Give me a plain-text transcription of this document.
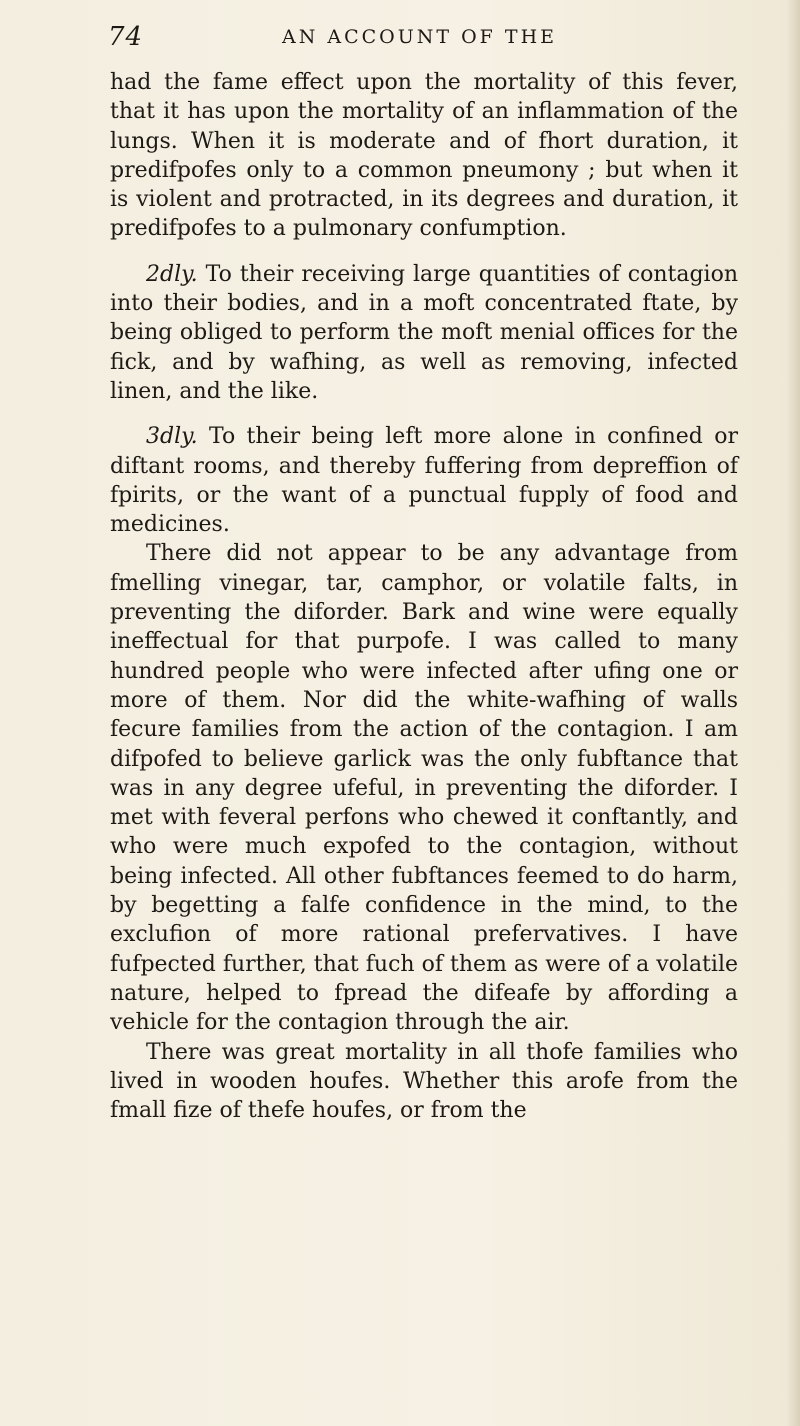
74	AN ACCOUNT OF THE

had the fame effect upon the mortality of this fever, that it has upon the mortality of an inflammation of the lungs. When it is moderate and of fhort duration, it predifpofes only to a common pneumony ; but when it is violent and protracted, in its degrees and duration, it predifpofes to a pulmonary confumption.

2dly. To their receiving large quantities of contagion into their bodies, and in a moft concentrated ftate, by being obliged to perform the moft menial offices for the fick, and by wafhing, as well as removing, infected linen, and the like.

3dly. To their being left more alone in confined or diftant rooms, and thereby fuffering from depreffion of fpirits, or the want of a punctual fupply of food and medicines.

There did not appear to be any advantage from fmelling vinegar, tar, camphor, or volatile falts, in preventing the diforder. Bark and wine were equally ineffectual for that purpofe. I was called to many hundred people who were infected after ufing one or more of them. Nor did the white-wafhing of walls fecure families from the action of the contagion. I am difpofed to believe garlick was the only fubftance that was in any degree ufeful, in preventing the diforder. I met with feveral perfons who chewed it conftantly, and who were much expofed to the contagion, without being infected. All other fubftances feemed to do harm, by begetting a falfe confidence in the mind, to the exclufion of more rational prefervatives. I have fufpected further, that fuch of them as were of a volatile nature, helped to fpread the difeafe by affording a vehicle for the contagion through the air.

There was great mortality in all thofe families who lived in wooden houfes. Whether this arofe from the fmall fize of thefe houfes, or from the
